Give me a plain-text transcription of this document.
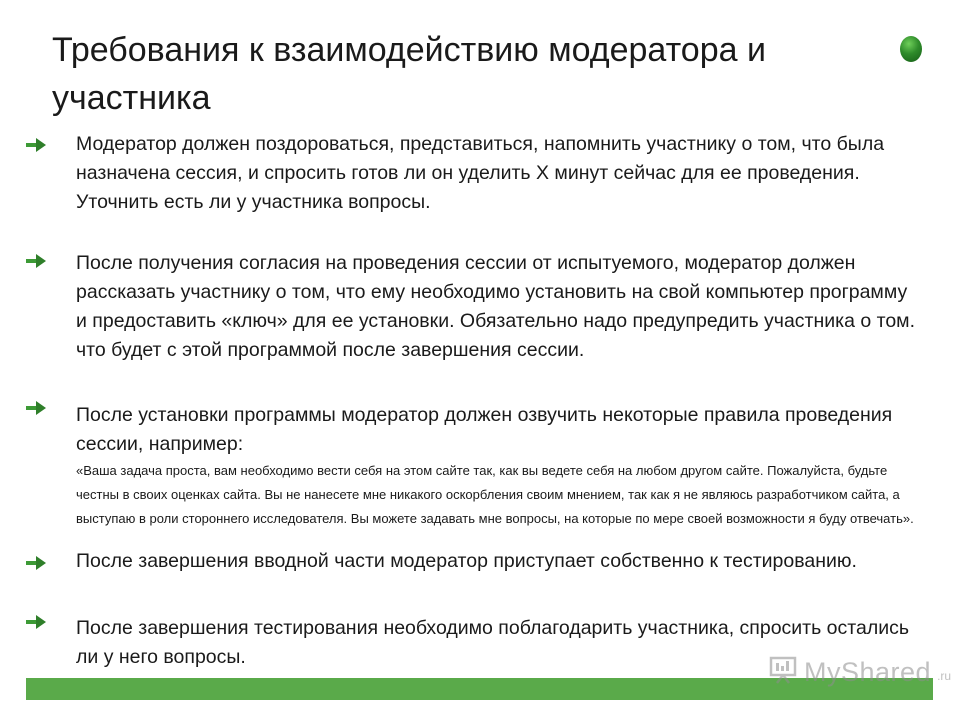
Требования к взаимодействию модератора и участника

Модератор должен поздороваться, представиться, напомнить участнику о том, что была назначена сессия, и спросить готов ли он уделить X минут сейчас для ее проведения.

Уточнить есть ли у участника вопросы.

После получения согласия на проведения сессии от испытуемого, модератор должен рассказать участнику о том, что ему необходимо установить на свой компьютер программу и предоставить «ключ» для ее установки. Обязательно надо предупредить участника о том. что будет с этой программой после завершения сессии.

После установки программы модератор должен озвучить некоторые правила проведения сессии, например:

«Ваша задача проста, вам необходимо вести себя на этом сайте так, как вы ведете себя на любом другом сайте. Пожалуйста, будьте честны в своих оценках сайта. Вы не нанесете мне никакого оскорбления своим мнением, так как я не являюсь разработчиком сайта, а выступаю в роли стороннего исследователя. Вы можете задавать мне вопросы, на которые по мере своей возможности я буду отвечать».

После завершения вводной части модератор приступает собственно к тестированию.

После завершения тестирования необходимо поблагодарить участника, спросить остались ли у него вопросы.	MyShared .ru
